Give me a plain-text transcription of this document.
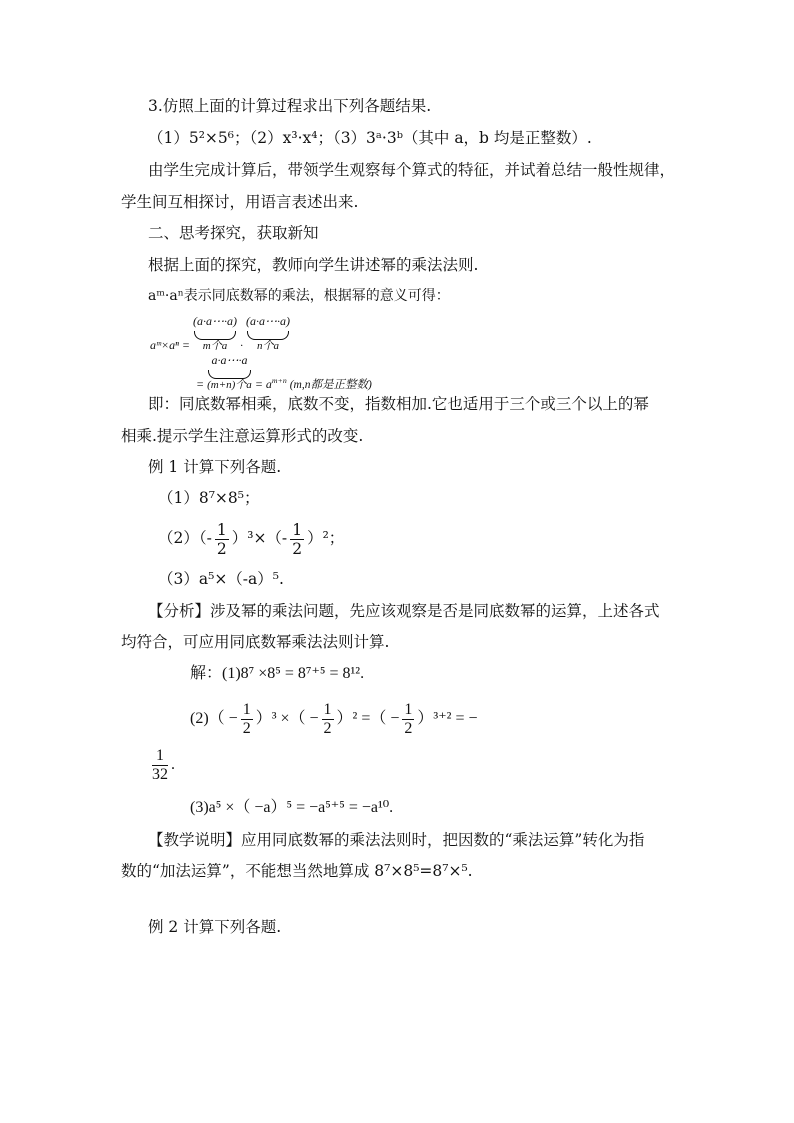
3.仿照上面的计算过程求出下列各题结果.
（1）5²×5⁶；（2）x³·x⁴；（3）3ᵃ·3ᵇ（其中 a，b 均是正整数）.
由学生完成计算后，带领学生观察每个算式的特征，并试着总结一般性规律，
学生间互相探讨，用语言表述出来.
二、思考探究，获取新知
根据上面的探究，教师向学生讲述幂的乘法法则.
aᵐ·aⁿ表示同底数幂的乘法，根据幂的意义可得：
aᵐ×aⁿ =
(a·a⋯·a)
m个a	·
(a·a⋯·a)
n个a
=
a·a⋯·a
(m+n)个$a = a^{m+n}$ (m,n都是正整数)
即：同底数幂相乘，底数不变，指数相加.它也适用于三个或三个以上的幂
相乘.提示学生注意运算形式的改变.
例 1 计算下列各题.
（1）8⁷×8⁵；
$(2)(- \frac{1}{2} )^3\times(- \frac{1}{2} )^2$；
（3）a⁵×（-a）⁵.
【分析】涉及幂的乘法问题，先应该观察是否是同底数幂的运算，上述各式
均符合，可应用同底数幂乘法法则计算.
解：(1)8⁷ ×8⁵ = 8⁷⁺⁵ = 8¹².
$(2)( - \frac{1}{2} )^3$ ×（ − $\frac{1}{2} )^2$ =（ − $\frac{1}{2} )^{3+2}$ = −
$\frac{1}{32}$ .
(3)a⁵ ×（ −a）⁵ = −a⁵⁺⁵ = −a¹⁰.
【教学说明】应用同底数幂的乘法法则时，把因数的“乘法运算”转化为指
数的“加法运算”，不能想当然地算成 8⁷×8⁵=8⁷×⁵.
例 2 计算下列各题.
